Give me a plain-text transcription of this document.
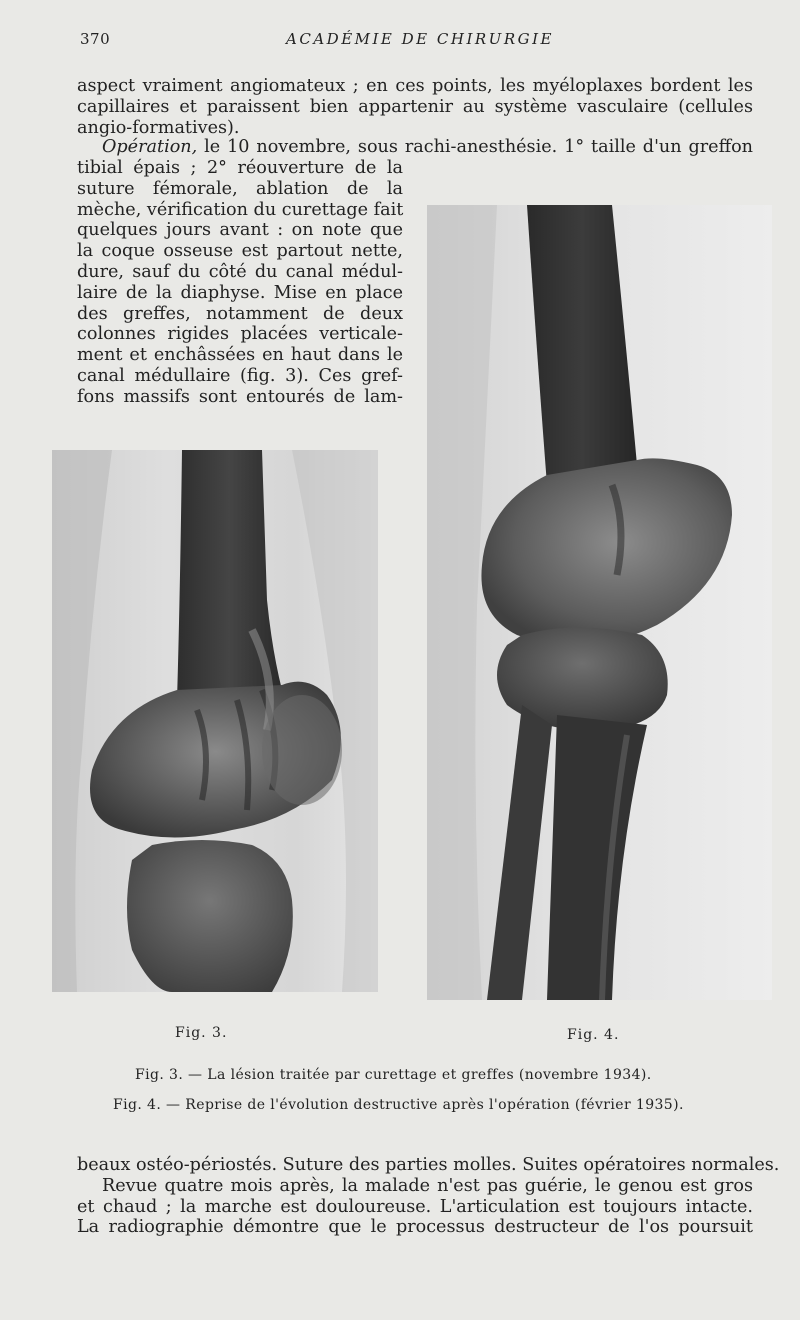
370	ACADÉMIE DE CHIRURGIE
aspect vraiment angiomateux ; en ces points, les myéloplaxes bordent les
capillaires et paraissent bien appartenir au système vasculaire (cellules
angio-formatives).
Opération, le 10 novembre, sous rachi-anesthésie. 1° taille d'un greffon
tibial épais ; 2° réouverture de la
suture fémorale, ablation de la
mèche, vérification du curettage fait
quelques jours avant : on note que
la coque osseuse est partout nette,
dure, sauf du côté du canal médul-
laire de la diaphyse. Mise en place
des greffes, notamment de deux
colonnes rigides placées verticale-
ment et enchâssées en haut dans le
canal médullaire (fig. 3). Ces gref-
fons massifs sont entourés de lam-
Fig. 3.	Fig. 4.
Fig. 3. — La lésion traitée par curettage et greffes (novembre 1934).
Fig. 4. — Reprise de l'évolution destructive après l'opération (février 1935).
beaux ostéo-périostés. Suture des parties molles. Suites opératoires normales.
Revue quatre mois après, la malade n'est pas guérie, le genou est gros
et chaud ; la marche est douloureuse. L'articulation est toujours intacte.
La radiographie démontre que le processus destructeur de l'os poursuit
